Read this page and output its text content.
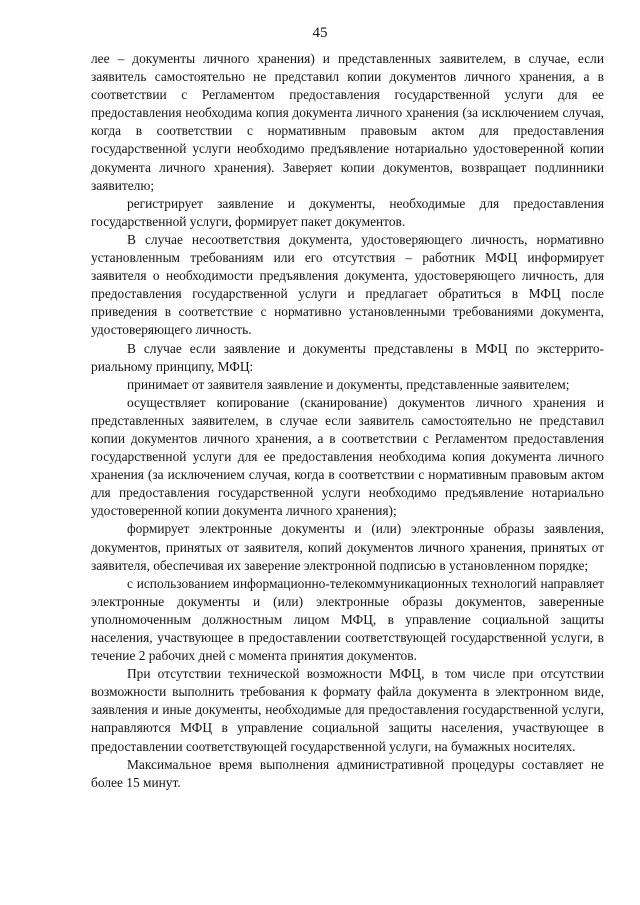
45

лее – документы личного хранения) и представленных заявителем, в случае, если заявитель самостоятельно не представил копии документов личного хранения, а в соответствии с Регламентом предоставления государственной услуги для ее предоставления необходима копия документа личного хранения (за исключением случая, когда в соответствии с нормативным правовым актом для предоставления государственной услуги необходимо предъявление нотариально удостоверенной копии документа личного хранения). Заверяет копии документов, возвращает подлинники заявителю;

регистрирует заявление и документы, необходимые для предоставления государственной услуги, формирует пакет документов.

В случае несоответствия документа, удостоверяющего личность, нормативно установленным требованиям или его отсутствия – работник МФЦ информирует заявителя о необходимости предъявления документа, удостоверяющего личность, для предоставления государственной услуги и предлагает обратиться в МФЦ после приведения в соответствие с нормативно установленными требованиями документа, удостоверяющего личность.

В случае если заявление и документы представлены в МФЦ по экстерриториальному принципу, МФЦ:

принимает от заявителя заявление и документы, представленные заявителем;

осуществляет копирование (сканирование) документов личного хранения и представленных заявителем, в случае если заявитель самостоятельно не представил копии документов личного хранения, а в соответствии с Регламентом предоставления государственной услуги для ее предоставления необходима копия документа личного хранения (за исключением случая, когда в соответствии с нормативным правовым актом для предоставления государственной услуги необходимо предъявление нотариально удостоверенной копии документа личного хранения);

формирует электронные документы и (или) электронные образы заявления, документов, принятых от заявителя, копий документов личного хранения, принятых от заявителя, обеспечивая их заверение электронной подписью в установленном порядке;

с использованием информационно-телекоммуникационных технологий направляет электронные документы и (или) электронные образы документов, заверенные уполномоченным должностным лицом МФЦ, в управление социальной защиты населения, участвующее в предоставлении соответствующей государственной услуги, в течение 2 рабочих дней с момента принятия документов.

При отсутствии технической возможности МФЦ, в том числе при отсутствии возможности выполнить требования к формату файла документа в электронном виде, заявления и иные документы, необходимые для предоставления государственной услуги, направляются МФЦ в управление социальной защиты населения, участвующее в предоставлении соответствующей государственной услуги, на бумажных носителях.

Максимальное время выполнения административной процедуры составляет не более 15 минут.
